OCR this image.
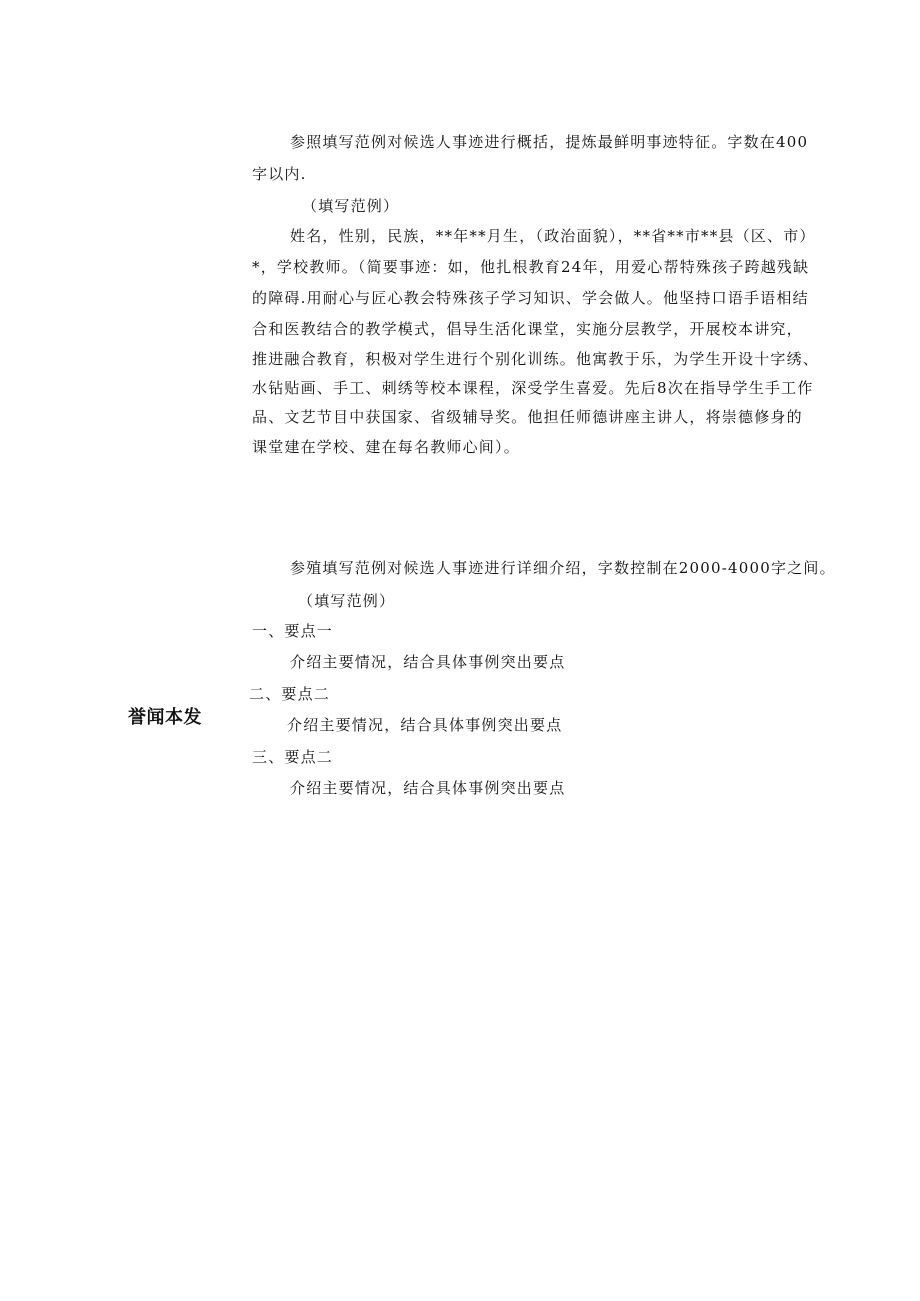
参照填写范例对候选人事迹进行概括，提炼最鲜明事迹特征。字数在400
字以内.
（填写范例）
姓名，性别，民族，**年**月生，（政治面貌），**省**市**县（区、市）
*，学校教师。（简要事迹：如，他扎根教育24年，用爱心帮特殊孩子跨越残缺
的障碍.用耐心与匠心教会特殊孩子学习知识、学会做人。他坚持口语手语相结
合和医教结合的教学模式，倡导生活化课堂，实施分层教学，开展校本讲究，
推进融合教育，积极对学生进行个别化训练。他寓教于乐，为学生开设十字绣、
水钻贴画、手工、刺绣等校本课程，深受学生喜爱。先后8次在指导学生手工作
品、文艺节目中获国家、省级辅导奖。他担任师德讲座主讲人，将崇德修身的
课堂建在学校、建在每名教师心间）。
誉闻本发
参殖填写范例对候选人事迹进行详细介绍，字数控制在2000-4000字之间。
（填写范例）
一、要点一
介绍主要情况，结合具体事例突出要点
二、要点二
介绍主要情况，结合具体事例突出要点
三、要点二
介绍主要情况，结合具体事例突出要点
